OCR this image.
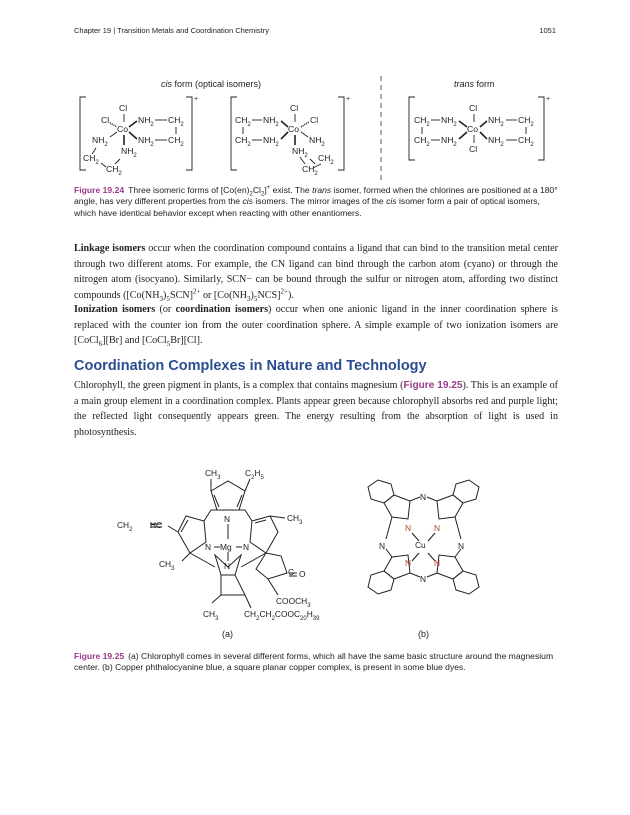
Chapter 19 | Transition Metals and Coordination Chemistry	1051
cis form (optical isomers)	trans form
+
Cl
Co
Cl	$NH_2$ $CH_2$
$NH_2$ $CH_2$
$NH_2$
$NH_2$
$CH_2$
$CH_2$
+
Cl
Co
Cl
$CH_2$ $NH_2$
$CH_2$ $NH_2$	$NH_2$
$NH_2$ $CH_2$
$CH_2$
+
Cl
Co
Cl
$CH_2$ $NH_2$
$CH_2$ $NH_2$
$NH_2$ $CH_2$
$NH_2$ $CH_2$
Figure 19.24 Three isomeric forms of $[Co(en)_2Cl_2]^+$ exist. The trans isomer, formed when the chlorines are positioned at a 180° angle, has very different properties from the cis isomers. The mirror images of the cis isomer form a pair of optical isomers, which have identical behavior except when reacting with other enantiomers.
Linkage isomers occur when the coordination compound contains a ligand that can bind to the transition metal center through two different atoms. For example, the CN ligand can bind through the carbon atom (cyano) or through the nitrogen atom (isocyano). Similarly, SCN− can be bound through the sulfur or nitrogen atom, affording two distinct compounds ($[Co(NH_3)_5SCN]^{2+}$ or $[Co(NH_3)_5NCS]^{2+}$).
Ionization isomers (or coordination isomers) occur when one anionic ligand in the inner coordination sphere is replaced with the counter ion from the outer coordination sphere. A simple example of two ionization isomers are [CoCl$_6$][Br] and [CoCl$_5$Br][Cl].
Coordination Complexes in Nature and Technology
Chlorophyll, the green pigment in plants, is a complex that contains magnesium (Figure 19.25). This is an example of a main group element in a coordination complex. Plants appear green because chlorophyll absorbs red and purple light; the reflected light consequently appears green. The energy resulting from the absorption of light is used in photosynthesis.
$CH_3$	$C_2H_5$
$CH_2$ HC
$CH_3$
$CH_3$
N
N Mg N
N
C O
$COOCH_3$
$CH_3$	$CH_2CH_2COOC_{20}H_{39}$
N
N
N	N
Cu
N	N
N	N
(a)	(b)
Figure 19.25 (a) Chlorophyll comes in several different forms, which all have the same basic structure around the magnesium center. (b) Copper phthalocyanine blue, a square planar copper complex, is present in some blue dyes.
